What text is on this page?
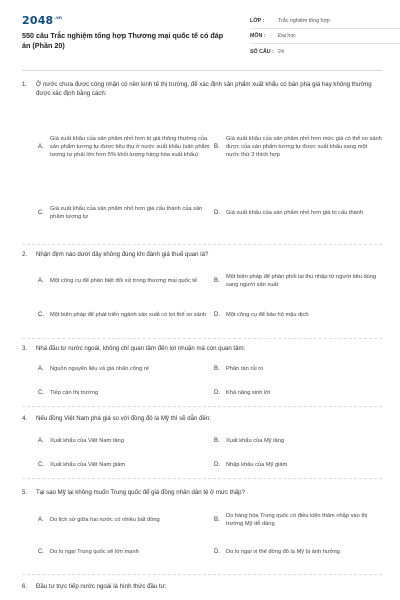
$2048^{.vn}$
550 câu Trắc nghiệm tổng hợp Thương mại quốc tế có đáp án (Phần 20)
LỚP :	Trắc nghiệm tổng hợp
MÔN :	Đại học
SỐ CÂU : 24
1. Ở nước chưa được công nhận có nền kinh tế thị trường, để xác định sản phẩm xuất khẩu có bán phá giá hay không thường được xác định bằng cách:
A.
Giá xuất khẩu của sản phẩm nhỏ hơn trị giá thông thường của sản phẩm tương tự được tiêu thụ ở nước xuất khẩu (sản phẩm tương tự phải lớn hơn 5% khối lượng hàng hóa xuất khẩu)
B.
Giá xuất khẩu của sản phẩm nhỏ hơn mức giá có thể so sánh được của sản phẩm tương tự được xuất khẩu sang một nước thứ 3 thích hợp
C.
Giá xuất khẩu của sản phẩm nhỏ hơn giá cấu thành của sản phẩm tương tự
D.	Giá xuất khẩu của sản phẩm nhỏ hơn giá trị cấu thành
2. Nhận định nào dưới đây không đúng khi đánh giá thuế quan là?
A.	Một công cụ để phân biệt đối xử trong thương mại quốc tế	B.
Một biện pháp để phân phối lại thu nhập từ người tiêu dùng sang người sản xuất
C.	Một biện pháp để phát triển ngành sản xuất có lợi thế so sánh D.	Một công cụ để bảo hộ mậu dịch
3. Nhà đầu tư nước ngoài, không chỉ quan tâm đến lợi nhuận mà còn quan tâm:
A.	Nguồn nguyên liệu và giá nhân công rẻ	B.	Phân tán rủi ro
C.	Tiếp cận thị trường	D.	Khả năng sinh lời
4. Nếu đồng Việt Nam phá giá so với đồng đô la Mỹ thì sẽ dẫn đến:
A.	Xuất khẩu của Việt Nam tăng	B.	Xuất khẩu của Mỹ tăng
C.	Xuất khẩu của Việt Nam giảm	D.	Nhập khẩu của Mỹ giảm
5. Tại sao Mỹ lại không muốn Trung quốc để giá đồng nhân dân tệ ở mức thấp?
A.	Do lịch sử giữa hai nước có nhiều bất đồng	B.
Do hàng hóa Trung quốc có điều kiện thâm nhập vào thị trường Mỹ dễ dàng
C.	Do lo ngại Trung quốc sẽ lớn mạnh	D.	Do lo ngại vị thế đồng đô la Mỹ bị ảnh hưởng
6. Đầu tư trực tiếp nước ngoài là hình thức đầu tư:
